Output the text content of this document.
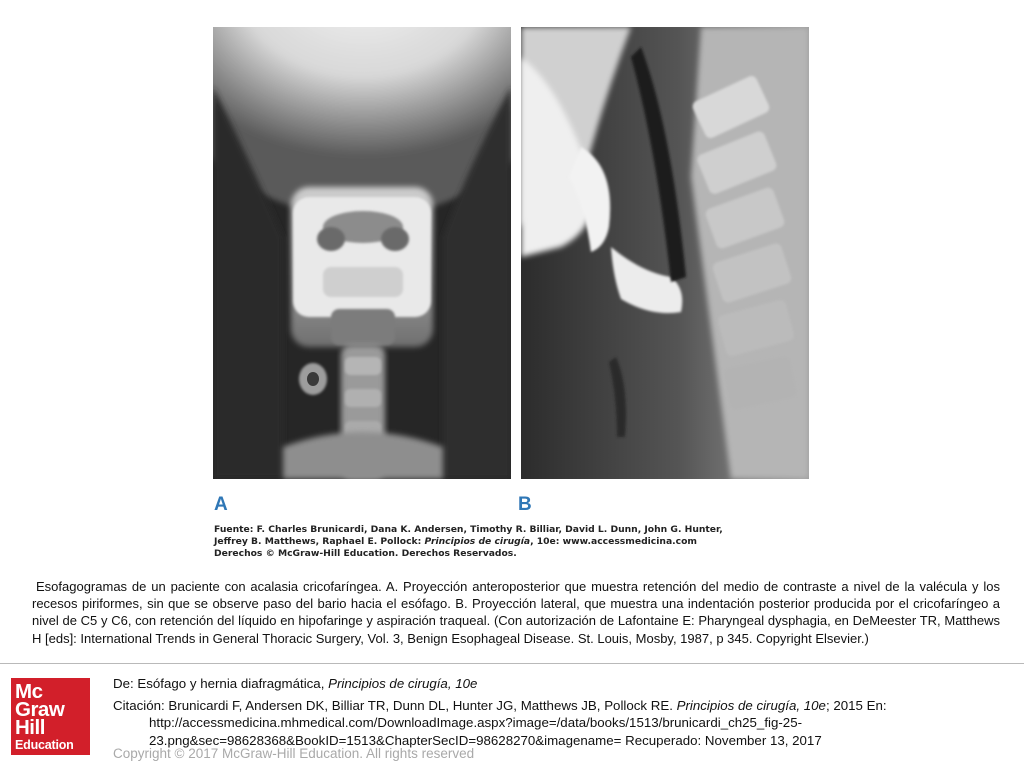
A	B
Fuente: F. Charles Brunicardi, Dana K. Andersen, Timothy R. Billiar, David L. Dunn, John G. Hunter,
Jeffrey B. Matthews, Raphael E. Pollock: Principios de cirugía, 10e: www.accessmedicina.com
Derechos © McGraw-Hill Education. Derechos Reservados.
Esofagogramas de un paciente con acalasia cricofaríngea. A. Proyección anteroposterior que muestra retención del medio de contraste a nivel de la valécula y los recesos piriformes, sin que se observe paso del bario hacia el esófago. B. Proyección lateral, que muestra una indentación posterior producida por el cricofaríngeo a nivel de C5 y C6, con retención del líquido en hipofaringe y aspiración traqueal. (Con autorización de Lafontaine E: Pharyngeal dysphagia, en DeMeester TR, Matthews H [eds]: International Trends in General Thoracic Surgery, Vol. 3, Benign Esophageal Disease. St. Louis, Mosby, 1987, p 345. Copyright Elsevier.)
Mc
Graw
Hill
Education
De: Esófago y hernia diafragmática, Principios de cirugía, 10e
Citación: Brunicardi F, Andersen DK, Billiar TR, Dunn DL, Hunter JG, Matthews JB, Pollock RE. Principios de cirugía, 10e; 2015 En:
http://accessmedicina.mhmedical.com/DownloadImage.aspx?image=/data/books/1513/brunicardi_ch25_fig-25-
23.png&sec=98628368&BookID=1513&ChapterSecID=98628270&imagename= Recuperado: November 13, 2017
Copyright © 2017 McGraw-Hill Education. All rights reserved
